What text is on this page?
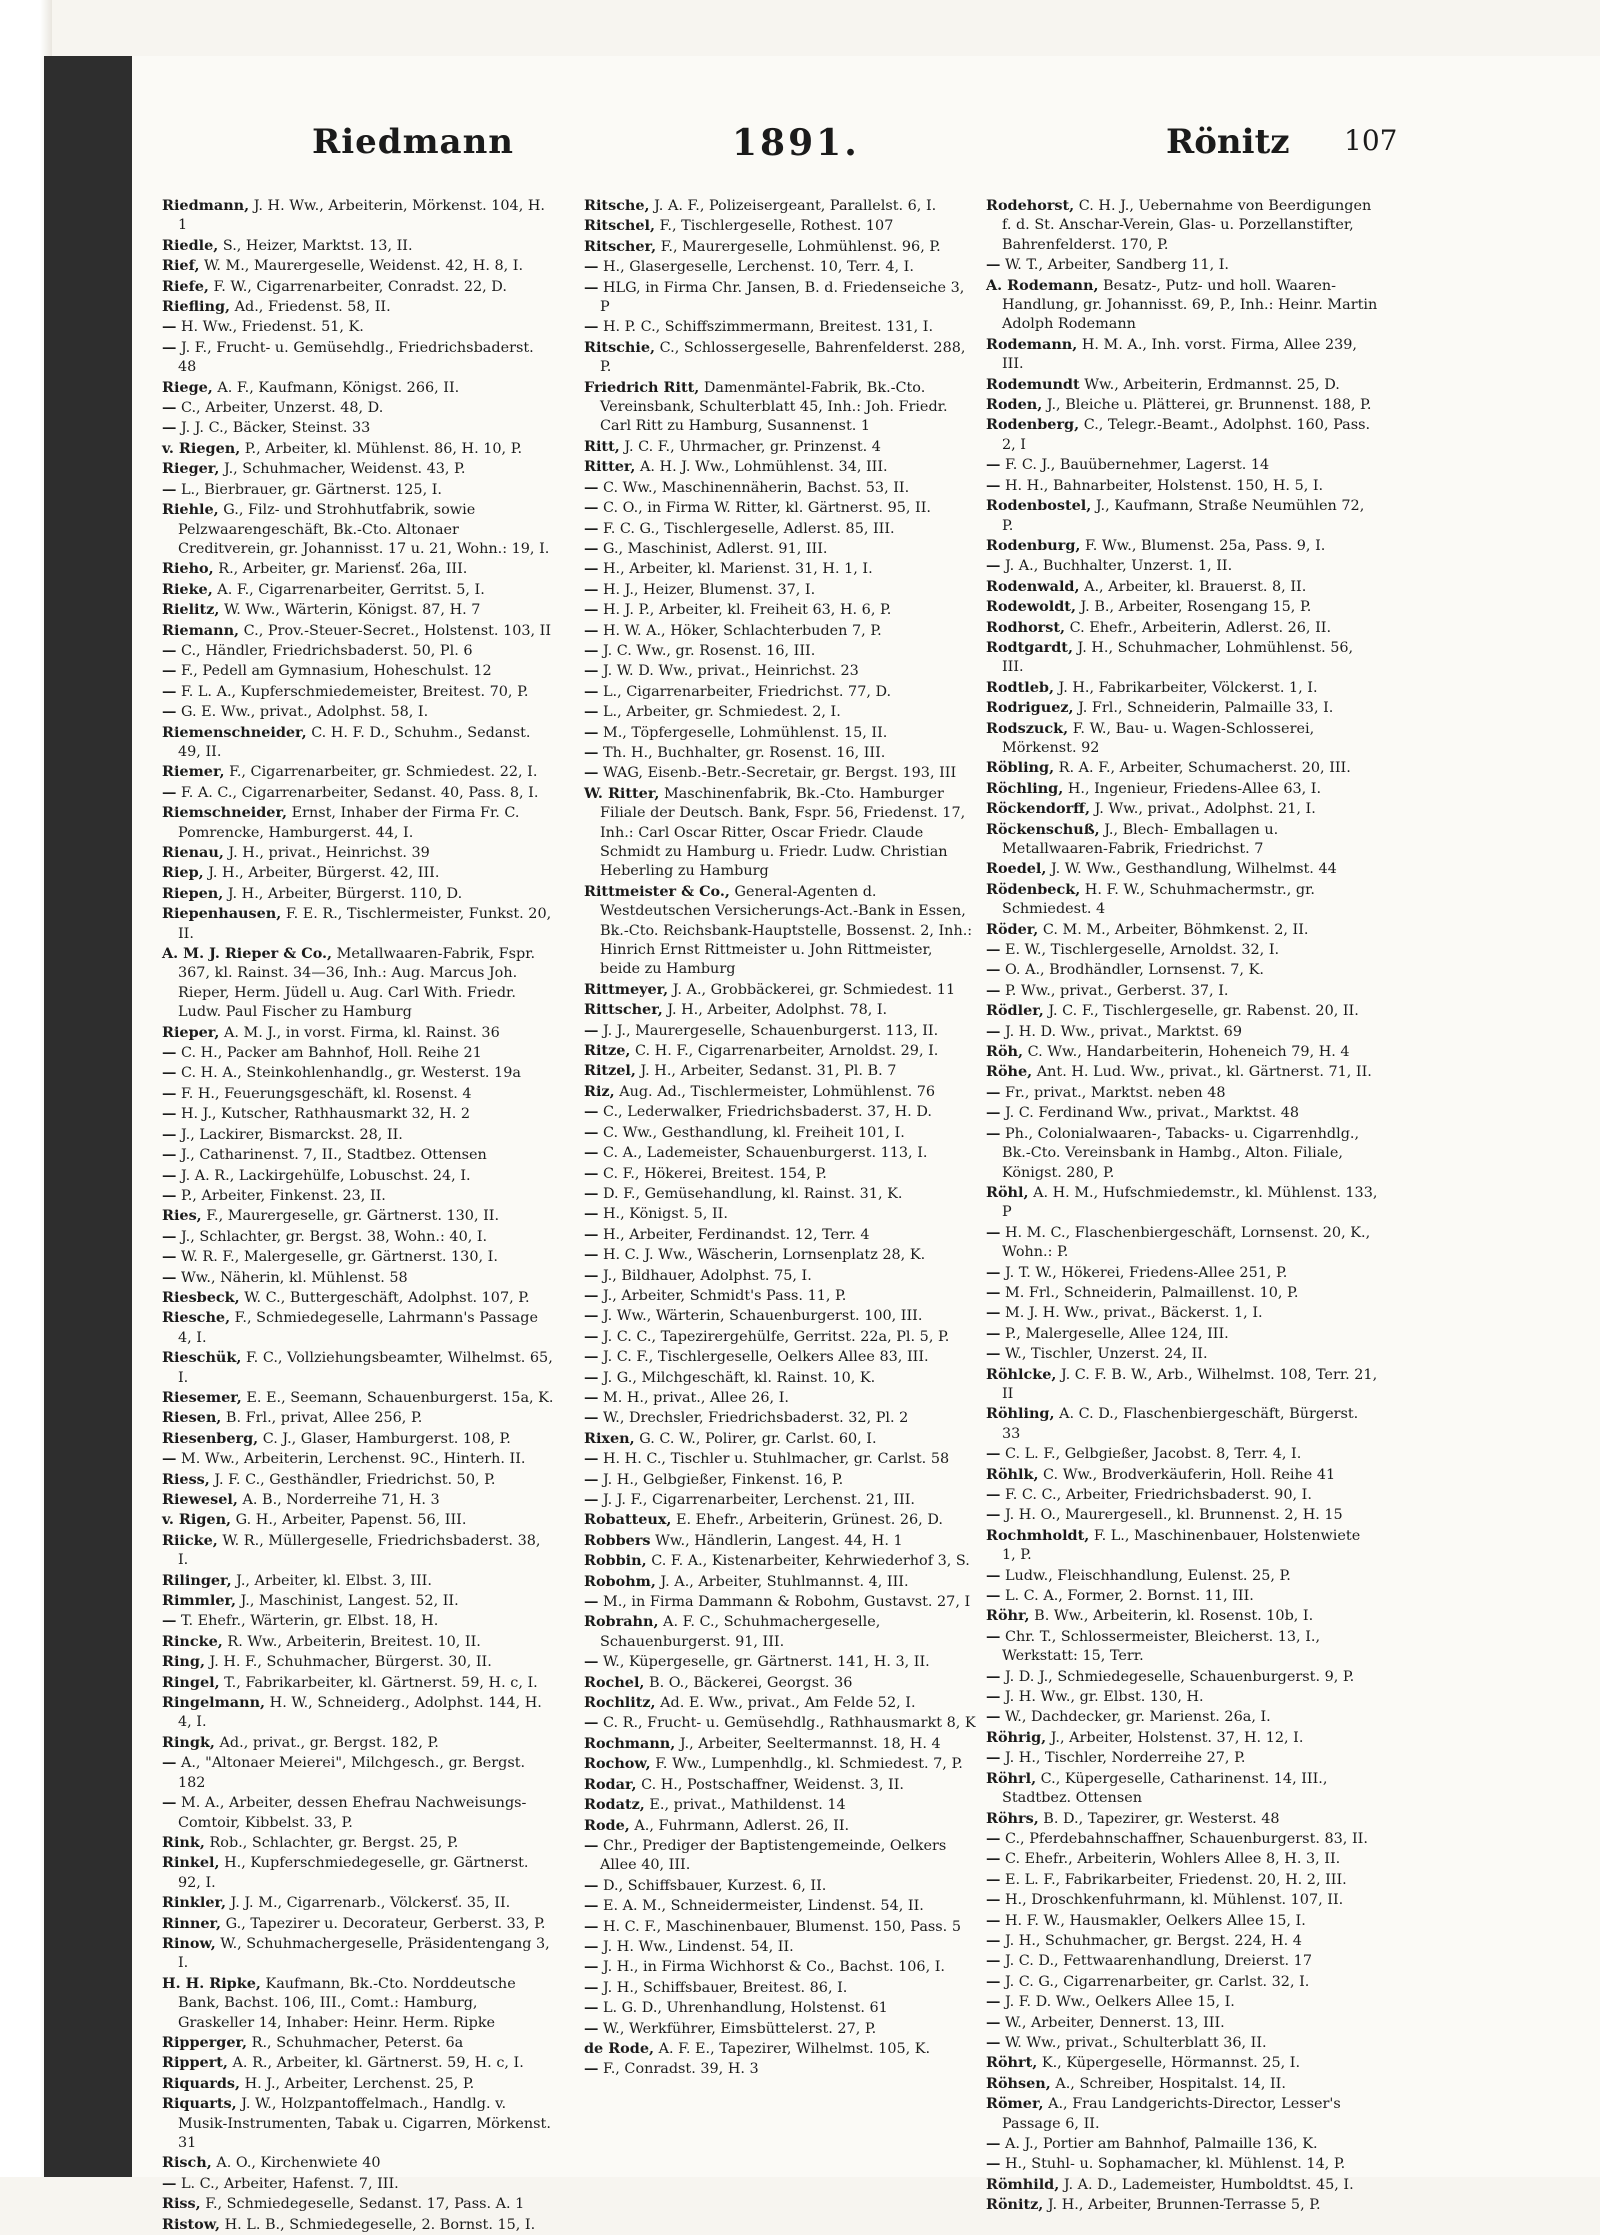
Riedmann	1891.	Rönitz 107

Riedmann, J. H. Ww., Arbeiterin, Mörkenst. 104, H. 1

Riedle, S., Heizer, Marktst. 13, II.

Rief, W. M., Maurergeselle, Weidenst. 42, H. 8, I.

Riefe, F. W., Cigarrenarbeiter, Conradst. 22, D.

Riefling, Ad., Friedenst. 58, II.

— H. Ww., Friedenst. 51, K.

— J. F., Frucht- u. Gemüsehdlg., Friedrichsbaderst. 48

Riege, A. F., Kaufmann, Königst. 266, II.

— C., Arbeiter, Unzerst. 48, D.

— J. J. C., Bäcker, Steinst. 33

v. Riegen, P., Arbeiter, kl. Mühlenst. 86, H. 10, P.

Rieger, J., Schuhmacher, Weidenst. 43, P.

— L., Bierbrauer, gr. Gärtnerst. 125, I.

Riehle, G., Filz- und Strohhutfabrik, sowie Pelzwaarengeschäft, Bk.-Cto. Altonaer Creditverein, gr. Johannisst. 17 u. 21, Wohn.: 19, I.

Rieho, R., Arbeiter, gr. Mariensť. 26a, III.

Rieke, A. F., Cigarrenarbeiter, Gerritst. 5, I.

Rielitz, W. Ww., Wärterin, Königst. 87, H. 7

Riemann, C., Prov.-Steuer-Secret., Holstenst. 103, II

— C., Händler, Friedrichsbaderst. 50, Pl. 6

— F., Pedell am Gymnasium, Hoheschulst. 12

— F. L. A., Kupferschmiedemeister, Breitest. 70, P.

— G. E. Ww., privat., Adolphst. 58, I.

Riemenschneider, C. H. F. D., Schuhm., Sedanst. 49, II.

Riemer, F., Cigarrenarbeiter, gr. Schmiedest. 22, I.

— F. A. C., Cigarrenarbeiter, Sedanst. 40, Pass. 8, I.

Riemschneider, Ernst, Inhaber der Firma Fr. C. Pomrencke, Hamburgerst. 44, I.

Rienau, J. H., privat., Heinrichst. 39

Riep, J. H., Arbeiter, Bürgerst. 42, III.

Riepen, J. H., Arbeiter, Bürgerst. 110, D.

Riepenhausen, F. E. R., Tischlermeister, Funkst. 20, II.

A. M. J. Rieper & Co., Metallwaaren-Fabrik, Fspr. 367, kl. Rainst. 34—36, Inh.: Aug. Marcus Joh. Rieper, Herm. Jüdell u. Aug. Carl With. Friedr. Ludw. Paul Fischer zu Hamburg

Rieper, A. M. J., in vorst. Firma, kl. Rainst. 36

— C. H., Packer am Bahnhof, Holl. Reihe 21

— C. H. A., Steinkohlenhandlg., gr. Westerst. 19a

— F. H., Feuerungsgeschäft, kl. Rosenst. 4

— H. J., Kutscher, Rathhausmarkt 32, H. 2

— J., Lackirer, Bismarckst. 28, II.

— J., Catharinenst. 7, II., Stadtbez. Ottensen

— J. A. R., Lackirgehülfe, Lobuschst. 24, I.

— P., Arbeiter, Finkenst. 23, II.

Ries, F., Maurergeselle, gr. Gärtnerst. 130, II.

— J., Schlachter, gr. Bergst. 38, Wohn.: 40, I.

— W. R. F., Malergeselle, gr. Gärtnerst. 130, I.

— Ww., Näherin, kl. Mühlenst. 58

Riesbeck, W. C., Buttergeschäft, Adolphst. 107, P.

Riesche, F., Schmiedegeselle, Lahrmann's Passage 4, I.

Rieschük, F. C., Vollziehungsbeamter, Wilhelmst. 65, I.

Riesemer, E. E., Seemann, Schauenburgerst. 15a, K.

Riesen, B. Frl., privat, Allee 256, P.

Riesenberg, C. J., Glaser, Hamburgerst. 108, P.

— M. Ww., Arbeiterin, Lerchenst. 9C., Hinterh. II.

Riess, J. F. C., Gesthändler, Friedrichst. 50, P.

Riewesel, A. B., Norderreihe 71, H. 3

v. Rigen, G. H., Arbeiter, Papenst. 56, III.

Riicke, W. R., Müllergeselle, Friedrichsbaderst. 38, I.

Rilinger, J., Arbeiter, kl. Elbst. 3, III.

Rimmler, J., Maschinist, Langest. 52, II.

— T. Ehefr., Wärterin, gr. Elbst. 18, H.

Rincke, R. Ww., Arbeiterin, Breitest. 10, II.

Ring, J. H. F., Schuhmacher, Bürgerst. 30, II.

Ringel, T., Fabrikarbeiter, kl. Gärtnerst. 59, H. c, I.

Ringelmann, H. W., Schneiderg., Adolphst. 144, H. 4, I.

Ringk, Ad., privat., gr. Bergst. 182, P.

— A., "Altonaer Meierei", Milchgesch., gr. Bergst. 182

— M. A., Arbeiter, dessen Ehefrau Nachweisungs-Comtoir, Kibbelst. 33, P.

Rink, Rob., Schlachter, gr. Bergst. 25, P.

Rinkel, H., Kupferschmiedegeselle, gr. Gärtnerst. 92, I.

Rinkler, J. J. M., Cigarrenarb., Völckersť. 35, II.

Rinner, G., Tapezirer u. Decorateur, Gerberst. 33, P.

Rinow, W., Schuhmachergeselle, Präsidentengang 3, I.

H. H. Ripke, Kaufmann, Bk.-Cto. Norddeutsche Bank, Bachst. 106, III., Comt.: Hamburg, Graskeller 14, Inhaber: Heinr. Herm. Ripke

Ripperger, R., Schuhmacher, Peterst. 6a

Rippert, A. R., Arbeiter, kl. Gärtnerst. 59, H. c, I.

Riquards, H. J., Arbeiter, Lerchenst. 25, P.

Riquarts, J. W., Holzpantoffelmach., Handlg. v. Musik-Instrumenten, Tabak u. Cigarren, Mörkenst. 31

Risch, A. O., Kirchenwiete 40

— L. C., Arbeiter, Hafenst. 7, III.

Riss, F., Schmiedegeselle, Sedanst. 17, Pass. A. 1

Ristow, H. L. B., Schmiedegeselle, 2. Bornst. 15, I.

Ritsche, J. A. F., Polizeisergeant, Parallelst. 6, I.

Ritschel, F., Tischlergeselle, Rothest. 107

Ritscher, F., Maurergeselle, Lohmühlenst. 96, P.

— H., Glasergeselle, Lerchenst. 10, Terr. 4, I.

— HLG, in Firma Chr. Jansen, B. d. Friedenseiche 3, P

— H. P. C., Schiffszimmermann, Breitest. 131, I.

Ritschie, C., Schlossergeselle, Bahrenfelderst. 288, P.

Friedrich Ritt, Damenmäntel-Fabrik, Bk.-Cto. Vereinsbank, Schulterblatt 45, Inh.: Joh. Friedr. Carl Ritt zu Hamburg, Susannenst. 1

Ritt, J. C. F., Uhrmacher, gr. Prinzenst. 4

Ritter, A. H. J. Ww., Lohmühlenst. 34, III.

— C. Ww., Maschinennäherin, Bachst. 53, II.

— C. O., in Firma W. Ritter, kl. Gärtnerst. 95, II.

— F. C. G., Tischlergeselle, Adlerst. 85, III.

— G., Maschinist, Adlerst. 91, III.

— H., Arbeiter, kl. Marienst. 31, H. 1, I.

— H. J., Heizer, Blumenst. 37, I.

— H. J. P., Arbeiter, kl. Freiheit 63, H. 6, P.

— H. W. A., Höker, Schlachterbuden 7, P.

— J. C. Ww., gr. Rosenst. 16, III.

— J. W. D. Ww., privat., Heinrichst. 23

— L., Cigarrenarbeiter, Friedrichst. 77, D.

— L., Arbeiter, gr. Schmiedest. 2, I.

— M., Töpfergeselle, Lohmühlenst. 15, II.

— Th. H., Buchhalter, gr. Rosenst. 16, III.

— WAG, Eisenb.-Betr.-Secretair, gr. Bergst. 193, III

W. Ritter, Maschinenfabrik, Bk.-Cto. Hamburger Filiale der Deutsch. Bank, Fspr. 56, Friedenst. 17, Inh.: Carl Oscar Ritter, Oscar Friedr. Claude Schmidt zu Hamburg u. Friedr. Ludw. Christian Heberling zu Hamburg

Rittmeister & Co., General-Agenten d. Westdeutschen Versicherungs-Act.-Bank in Essen, Bk.-Cto. Reichsbank-Hauptstelle, Bossenst. 2, Inh.: Hinrich Ernst Rittmeister u. John Rittmeister, beide zu Hamburg

Rittmeyer, J. A., Grobbäckerei, gr. Schmiedest. 11

Rittscher, J. H., Arbeiter, Adolphst. 78, I.

— J. J., Maurergeselle, Schauenburgerst. 113, II.

Ritze, C. H. F., Cigarrenarbeiter, Arnoldst. 29, I.

Ritzel, J. H., Arbeiter, Sedanst. 31, Pl. B. 7

Riz, Aug. Ad., Tischlermeister, Lohmühlenst. 76

— C., Lederwalker, Friedrichsbaderst. 37, H. D.

— C. Ww., Gesthandlung, kl. Freiheit 101, I.

— C. A., Lademeister, Schauenburgerst. 113, I.

— C. F., Hökerei, Breitest. 154, P.

— D. F., Gemüsehandlung, kl. Rainst. 31, K.

— H., Königst. 5, II.

— H., Arbeiter, Ferdinandst. 12, Terr. 4

— H. C. J. Ww., Wäscherin, Lornsenplatz 28, K.

— J., Bildhauer, Adolphst. 75, I.

— J., Arbeiter, Schmidt's Pass. 11, P.

— J. Ww., Wärterin, Schauenburgerst. 100, III.

— J. C. C., Tapezirergehülfe, Gerritst. 22a, Pl. 5, P.

— J. C. F., Tischlergeselle, Oelkers Allee 83, III.

— J. G., Milchgeschäft, kl. Rainst. 10, K.

— M. H., privat., Allee 26, I.

— W., Drechsler, Friedrichsbaderst. 32, Pl. 2

Rixen, G. C. W., Polirer, gr. Carlst. 60, I.

— H. H. C., Tischler u. Stuhlmacher, gr. Carlst. 58

— J. H., Gelbgießer, Finkenst. 16, P.

— J. J. F., Cigarrenarbeiter, Lerchenst. 21, III.

Robatteux, E. Ehefr., Arbeiterin, Grünest. 26, D.

Robbers Ww., Händlerin, Langest. 44, H. 1

Robbin, C. F. A., Kistenarbeiter, Kehrwiederhof 3, S.

Robohm, J. A., Arbeiter, Stuhlmannst. 4, III.

— M., in Firma Dammann & Robohm, Gustavst. 27, I

Robrahn, A. F. C., Schuhmachergeselle, Schauenburgerst. 91, III.

— W., Küpergeselle, gr. Gärtnerst. 141, H. 3, II.

Rochel, B. O., Bäckerei, Georgst. 36

Rochlitz, Ad. E. Ww., privat., Am Felde 52, I.

— C. R., Frucht- u. Gemüsehdlg., Rathhausmarkt 8, K

Rochmann, J., Arbeiter, Seeltermannst. 18, H. 4

Rochow, F. Ww., Lumpenhdlg., kl. Schmiedest. 7, P.

Rodar, C. H., Postschaffner, Weidenst. 3, II.

Rodatz, E., privat., Mathildenst. 14

Rode, A., Fuhrmann, Adlerst. 26, II.

— Chr., Prediger der Baptistengemeinde, Oelkers Allee 40, III.

— D., Schiffsbauer, Kurzest. 6, II.

— E. A. M., Schneidermeister, Lindenst. 54, II.

— H. C. F., Maschinenbauer, Blumenst. 150, Pass. 5

— J. H. Ww., Lindenst. 54, II.

— J. H., in Firma Wichhorst & Co., Bachst. 106, I.

— J. H., Schiffsbauer, Breitest. 86, I.

— L. G. D., Uhrenhandlung, Holstenst. 61

— W., Werkführer, Eimsbüttelerst. 27, P.

de Rode, A. F. E., Tapezirer, Wilhelmst. 105, K.

— F., Conradst. 39, H. 3

Rodehorst, C. H. J., Uebernahme von Beerdigungen f. d. St. Anschar-Verein, Glas- u. Porzellanstifter, Bahrenfelderst. 170, P.

— W. T., Arbeiter, Sandberg 11, I.

A. Rodemann, Besatz-, Putz- und holl. Waaren-Handlung, gr. Johannisst. 69, P., Inh.: Heinr. Martin Adolph Rodemann

Rodemann, H. M. A., Inh. vorst. Firma, Allee 239, III.

Rodemundt Ww., Arbeiterin, Erdmannst. 25, D.

Roden, J., Bleiche u. Plätterei, gr. Brunnenst. 188, P.

Rodenberg, C., Telegr.-Beamt., Adolphst. 160, Pass. 2, I

— F. C. J., Bauübernehmer, Lagerst. 14

— H. H., Bahnarbeiter, Holstenst. 150, H. 5, I.

Rodenbostel, J., Kaufmann, Straße Neumühlen 72, P.

Rodenburg, F. Ww., Blumenst. 25a, Pass. 9, I.

— J. A., Buchhalter, Unzerst. 1, II.

Rodenwald, A., Arbeiter, kl. Brauerst. 8, II.

Rodewoldt, J. B., Arbeiter, Rosengang 15, P.

Rodhorst, C. Ehefr., Arbeiterin, Adlerst. 26, II.

Rodtgardt, J. H., Schuhmacher, Lohmühlenst. 56, III.

Rodtleb, J. H., Fabrikarbeiter, Völckerst. 1, I.

Rodriguez, J. Frl., Schneiderin, Palmaille 33, I.

Rodszuck, F. W., Bau- u. Wagen-Schlosserei, Mörkenst. 92

Röbling, R. A. F., Arbeiter, Schumacherst. 20, III.

Röchling, H., Ingenieur, Friedens-Allee 63, I.

Röckendorff, J. Ww., privat., Adolphst. 21, I.

Röckenschuß, J., Blech- Emballagen u. Metallwaaren-Fabrik, Friedrichst. 7

Roedel, J. W. Ww., Gesthandlung, Wilhelmst. 44

Rödenbeck, H. F. W., Schuhmachermstr., gr. Schmiedest. 4

Röder, C. M. M., Arbeiter, Böhmkenst. 2, II.

— E. W., Tischlergeselle, Arnoldst. 32, I.

— O. A., Brodhändler, Lornsenst. 7, K.

— P. Ww., privat., Gerberst. 37, I.

Rödler, J. C. F., Tischlergeselle, gr. Rabenst. 20, II.

— J. H. D. Ww., privat., Marktst. 69

Röh, C. Ww., Handarbeiterin, Hoheneich 79, H. 4

Röhe, Ant. H. Lud. Ww., privat., kl. Gärtnerst. 71, II.

— Fr., privat., Marktst. neben 48

— J. C. Ferdinand Ww., privat., Marktst. 48

— Ph., Colonialwaaren-, Tabacks- u. Cigarrenhdlg., Bk.-Cto. Vereinsbank in Hambg., Alton. Filiale, Königst. 280, P.

Röhl, A. H. M., Hufschmiedemstr., kl. Mühlenst. 133, P

— H. M. C., Flaschenbiergeschäft, Lornsenst. 20, K., Wohn.: P.

— J. T. W., Hökerei, Friedens-Allee 251, P.

— M. Frl., Schneiderin, Palmaillenst. 10, P.

— M. J. H. Ww., privat., Bäckerst. 1, I.

— P., Malergeselle, Allee 124, III.

— W., Tischler, Unzerst. 24, II.

Röhlcke, J. C. F. B. W., Arb., Wilhelmst. 108, Terr. 21, II

Röhling, A. C. D., Flaschenbiergeschäft, Bürgerst. 33

— C. L. F., Gelbgießer, Jacobst. 8, Terr. 4, I.

Röhlk, C. Ww., Brodverkäuferin, Holl. Reihe 41

— F. C. C., Arbeiter, Friedrichsbaderst. 90, I.

— J. H. O., Maurergesell., kl. Brunnenst. 2, H. 15

Rochmholdt, F. L., Maschinenbauer, Holstenwiete 1, P.

— Ludw., Fleischhandlung, Eulenst. 25, P.

— L. C. A., Former, 2. Bornst. 11, III.

Röhr, B. Ww., Arbeiterin, kl. Rosenst. 10b, I.

— Chr. T., Schlossermeister, Bleicherst. 13, I., Werkstatt: 15, Terr.

— J. D. J., Schmiedegeselle, Schauenburgerst. 9, P.

— J. H. Ww., gr. Elbst. 130, H.

— W., Dachdecker, gr. Marienst. 26a, I.

Röhrig, J., Arbeiter, Holstenst. 37, H. 12, I.

— J. H., Tischler, Norderreihe 27, P.

Röhrl, C., Küpergeselle, Catharinenst. 14, III., Stadtbez. Ottensen

Röhrs, B. D., Tapezirer, gr. Westerst. 48

— C., Pferdebahnschaffner, Schauenburgerst. 83, II.

— C. Ehefr., Arbeiterin, Wohlers Allee 8, H. 3, II.

— E. L. F., Fabrikarbeiter, Friedenst. 20, H. 2, III.

— H., Droschkenfuhrmann, kl. Mühlenst. 107, II.

— H. F. W., Hausmakler, Oelkers Allee 15, I.

— J. H., Schuhmacher, gr. Bergst. 224, H. 4

— J. C. D., Fettwaarenhandlung, Dreierst. 17

— J. C. G., Cigarrenarbeiter, gr. Carlst. 32, I.

— J. F. D. Ww., Oelkers Allee 15, I.

— W., Arbeiter, Dennerst. 13, III.

— W. Ww., privat., Schulterblatt 36, II.

Röhrt, K., Küpergeselle, Hörmannst. 25, I.

Röhsen, A., Schreiber, Hospitalst. 14, II.

Römer, A., Frau Landgerichts-Director, Lesser's Passage 6, II.

— A. J., Portier am Bahnhof, Palmaille 136, K.

— H., Stuhl- u. Sophamacher, kl. Mühlenst. 14, P.

Römhild, J. A. D., Lademeister, Humboldtst. 45, I.

Rönitz, J. H., Arbeiter, Brunnen-Terrasse 5, P.
